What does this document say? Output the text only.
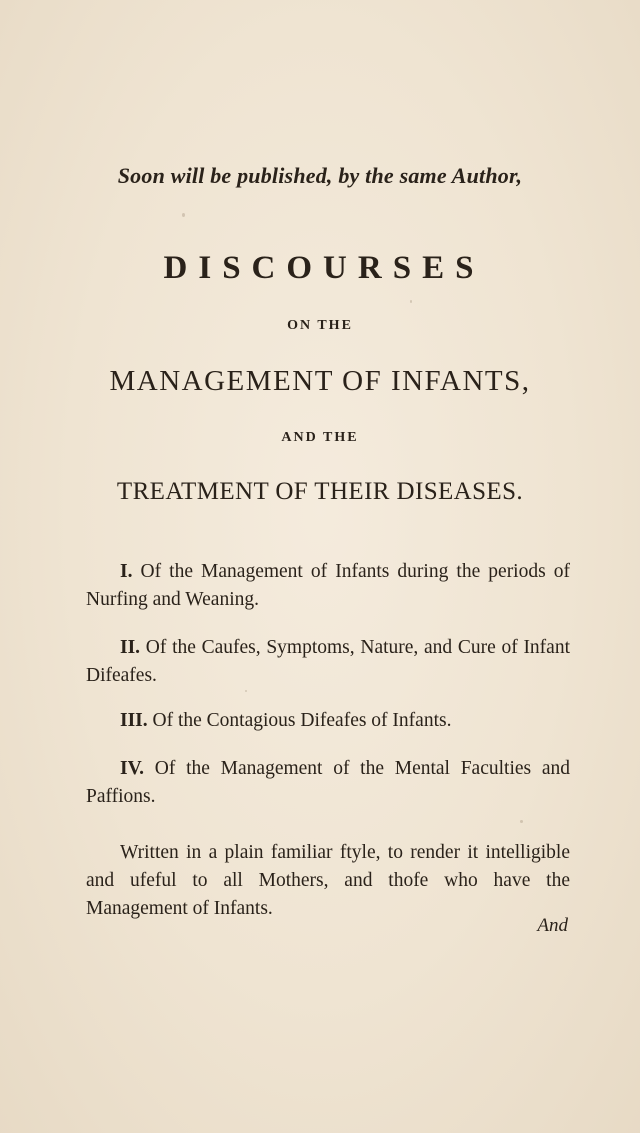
Soon will be published, by the same Author,
DISCOURSES
ON THE
MANAGEMENT OF INFANTS,
AND THE
TREATMENT OF THEIR DISEASES.
I. Of the Management of Infants during the periods of Nurfing and Weaning.
II. Of the Caufes, Symptoms, Nature, and Cure of Infant Difeafes.
III. Of the Contagious Difeafes of Infants.
IV. Of the Management of the Mental Faculties and Paffions.
Written in a plain familiar ftyle, to render it intelligible and ufeful to all Mothers, and thofe who have the Management of Infants.
And
